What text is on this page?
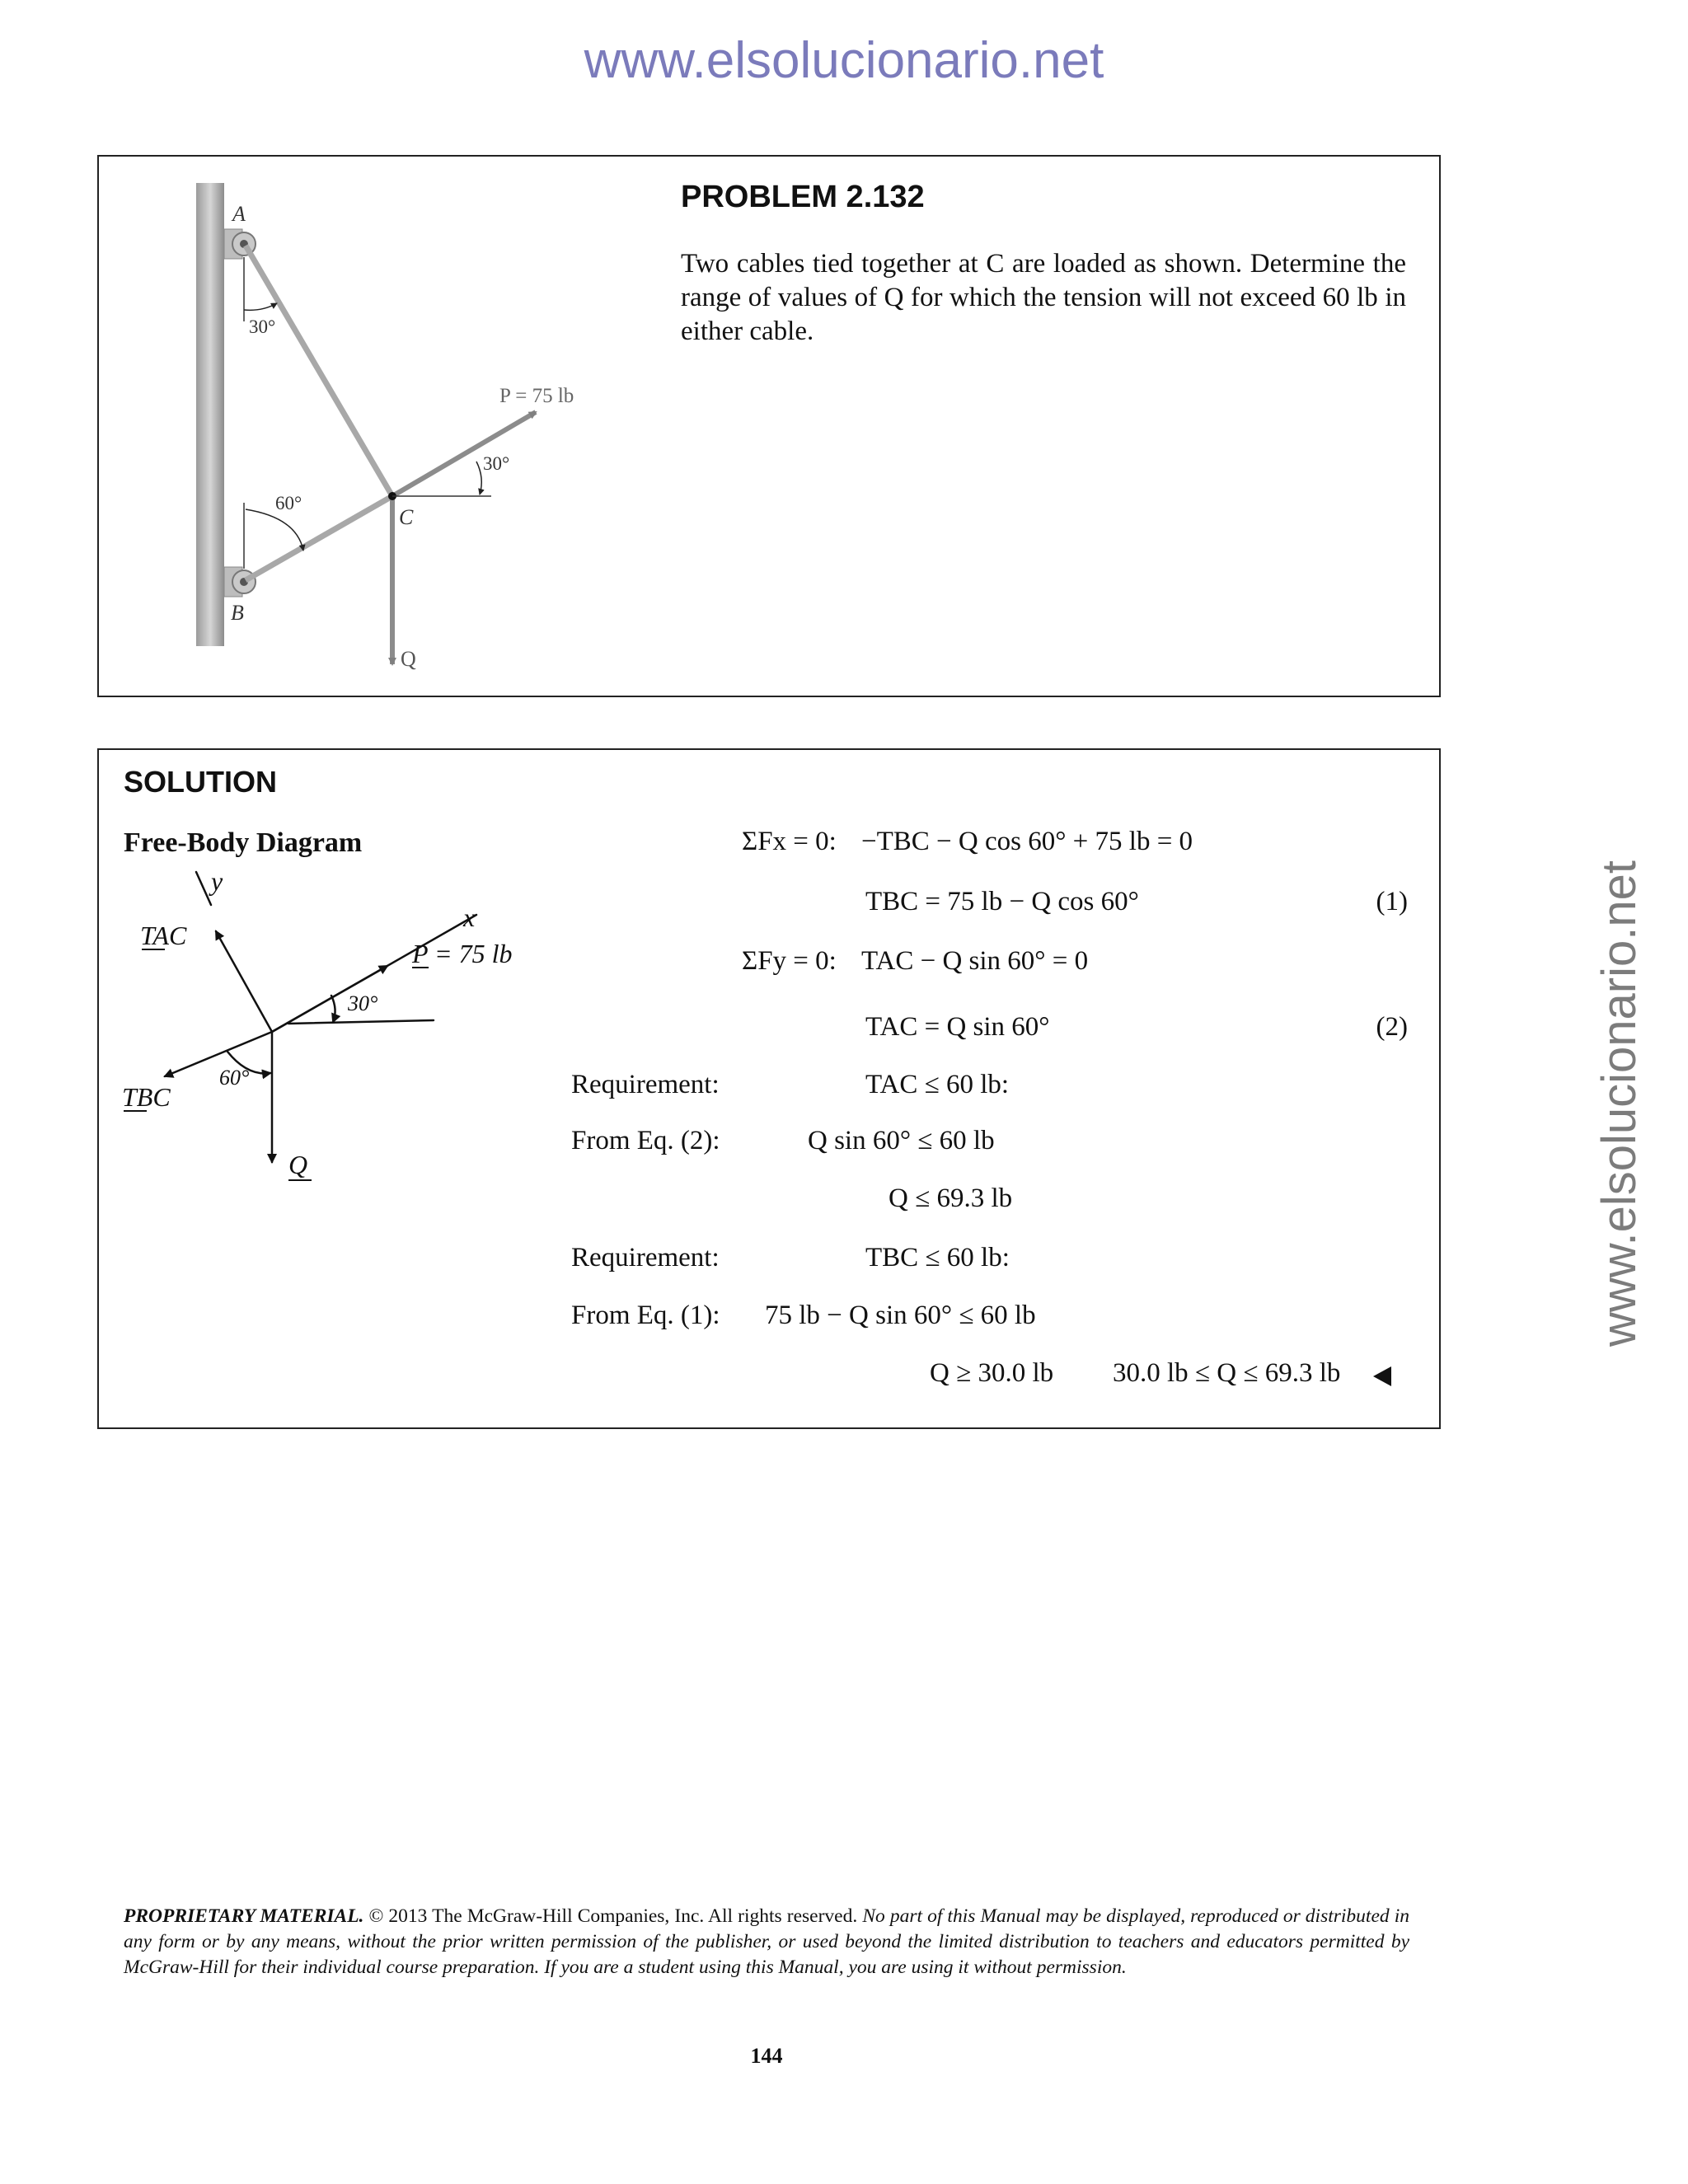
www.elsolucionario.net
www.elsolucionario.net
A
B
C
Q
P = 75 lb
30°
60°
30°
PROBLEM 2.132
Two cables tied together at C are loaded as shown. Determine the range of values of Q for which the tension will not exceed 60 lb in either cable.
SOLUTION
Free-Body Diagram
y
x
TAC
TBC
P = 75 lb
Q
30°
60°
ΣFx = 0: −TBC − Q cos 60° + 75 lb = 0
TBC = 75 lb − Q cos 60°	(1)
ΣFy = 0: TAC − Q sin 60° = 0
TAC = Q sin 60°	(2)
Requirement:	TAC ≤ 60 lb:
From Eq. (2):	Q sin 60° ≤ 60 lb
Q ≤ 69.3 lb
Requirement:	TBC ≤ 60 lb:
From Eq. (1): 75 lb − Q sin 60° ≤ 60 lb
Q ≥ 30.0 lb 30.0 lb ≤ Q ≤ 69.3 lb
PROPRIETARY MATERIAL. © 2013 The McGraw-Hill Companies, Inc. All rights reserved. No part of this Manual may be displayed, reproduced or distributed in any form or by any means, without the prior written permission of the publisher, or used beyond the limited distribution to teachers and educators permitted by McGraw-Hill for their individual course preparation. If you are a student using this Manual, you are using it without permission.
144
